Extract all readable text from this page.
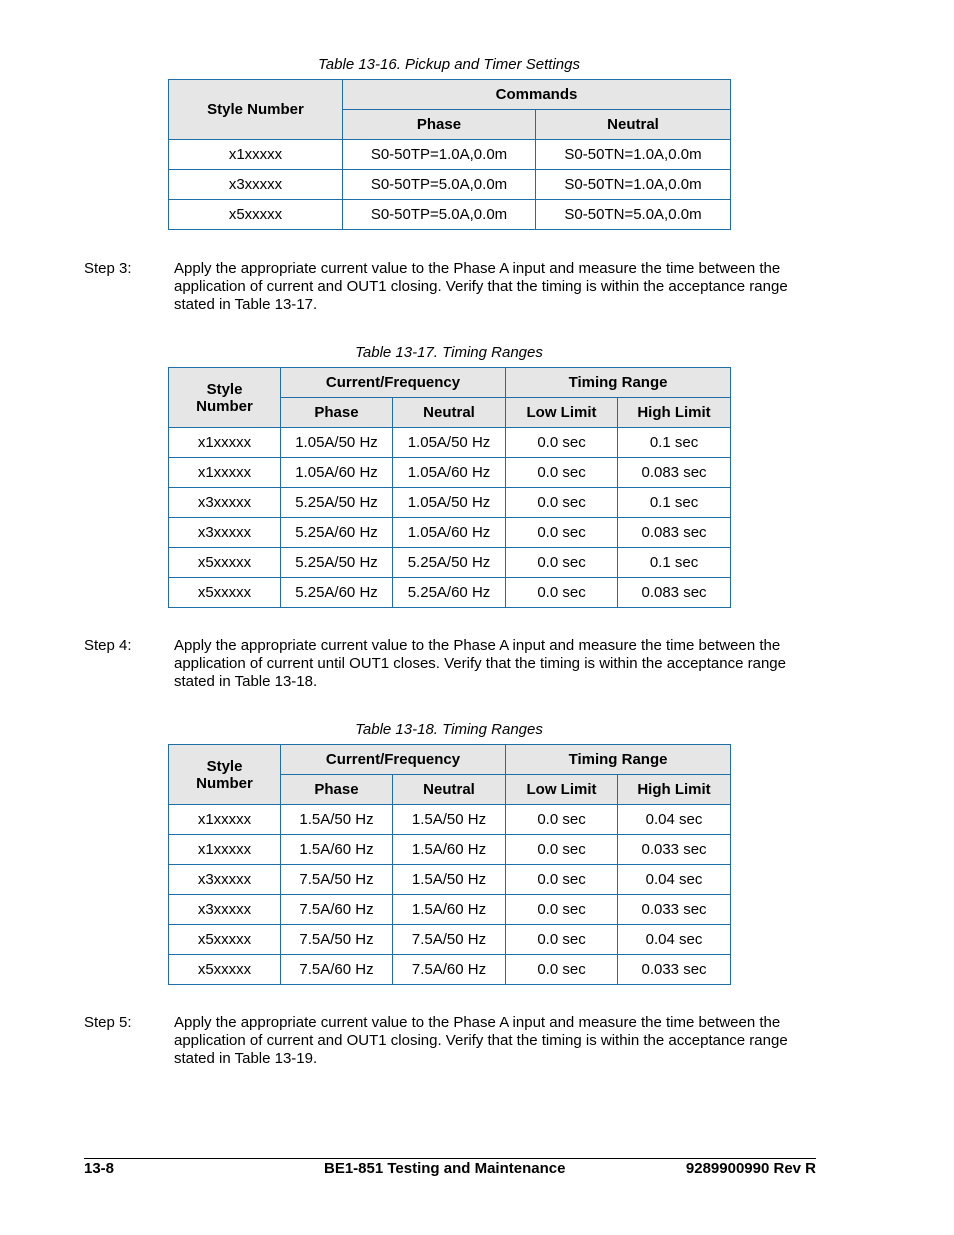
Table 13-16. Pickup and Timer Settings
Style Number	Commands	
	Phase	Neutral
x1xxxxx	S0-50TP=1.0A,0.0m	S0-50TN=1.0A,0.0m
x3xxxxx	S0-50TP=5.0A,0.0m	S0-50TN=1.0A,0.0m
x5xxxxx	S0-50TP=5.0A,0.0m	S0-50TN=5.0A,0.0m
Step 3:	Apply the appropriate current value to the Phase A input and measure the time between the application of current and OUT1 closing. Verify that the timing is within the acceptance range stated in Table 13-17.
Table 13-17. Timing Ranges
Style
Number	Current/Frequency		Timing Range	
	Phase	Neutral	Low Limit	High Limit
x1xxxxx	1.05A/50 Hz	1.05A/50 Hz	0.0 sec	0.1 sec
x1xxxxx	1.05A/60 Hz	1.05A/60 Hz	0.0 sec	0.083 sec
x3xxxxx	5.25A/50 Hz	1.05A/50 Hz	0.0 sec	0.1 sec
x3xxxxx	5.25A/60 Hz	1.05A/60 Hz	0.0 sec	0.083 sec
x5xxxxx	5.25A/50 Hz	5.25A/50 Hz	0.0 sec	0.1 sec
x5xxxxx	5.25A/60 Hz	5.25A/60 Hz	0.0 sec	0.083 sec
Step 4:	Apply the appropriate current value to the Phase A input and measure the time between the application of current until OUT1 closes. Verify that the timing is within the acceptance range stated in Table 13-18.
Table 13-18. Timing Ranges
Style
Number	Current/Frequency		Timing Range	
	Phase	Neutral	Low Limit	High Limit
x1xxxxx	1.5A/50 Hz	1.5A/50 Hz	0.0 sec	0.04 sec
x1xxxxx	1.5A/60 Hz	1.5A/60 Hz	0.0 sec	0.033 sec
x3xxxxx	7.5A/50 Hz	1.5A/50 Hz	0.0 sec	0.04 sec
x3xxxxx	7.5A/60 Hz	1.5A/60 Hz	0.0 sec	0.033 sec
x5xxxxx	7.5A/50 Hz	7.5A/50 Hz	0.0 sec	0.04 sec
x5xxxxx	7.5A/60 Hz	7.5A/60 Hz	0.0 sec	0.033 sec
Step 5:	Apply the appropriate current value to the Phase A input and measure the time between the application of current and OUT1 closing. Verify that the timing is within the acceptance range stated in Table 13-19.
13-8	BE1-851 Testing and Maintenance	9289900990 Rev R
